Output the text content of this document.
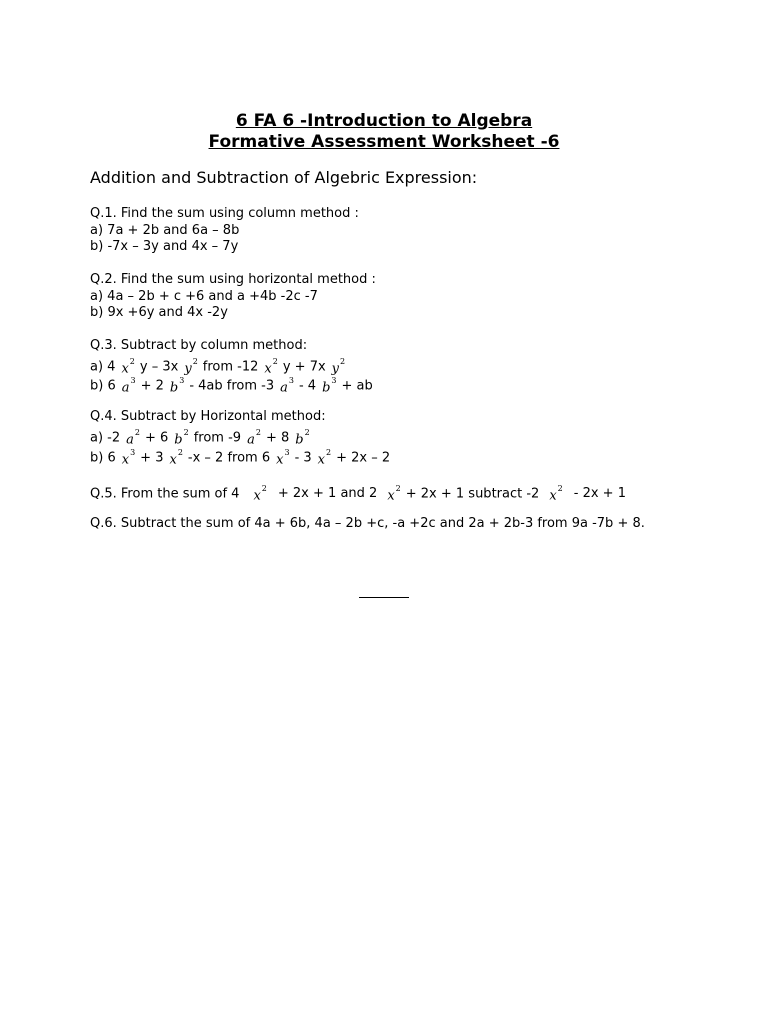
6 FA 6 -Introduction to Algebra
Formative Assessment Worksheet -6
Addition and Subtraction of Algebric Expression:
Q.1. Find the sum using column method :
a) 7a + 2b and 6a – 8b
b) -7x – 3y and 4x – 7y
Q.2. Find the sum using horizontal method :
a) 4a – 2b + c +6 and a +4b -2c -7
b) 9x +6y and 4x -2y
Q.3. Subtract by column method:
a) 4 $x^2$ y – 3x $y^2$ from -12 $x^2$ y + 7x $y^2$
b) 6 $a^3 + 2$ $b^3 - 4ab$ from -3 $a^3 - 4$ $b^3$ + ab
Q.4. Subtract by Horizontal method:
a) -2 $a^2 + 6$ $b^2$ from -9 $a^2 + 8$ $b^2$
b) 6 $x^3 + 3$ $x^2$ -x – 2 from 6 $x^3 - 3$ $x^2 + 2x - 2$
Q.5. From the sum of 4 $x^2 + 2x + 1$ and 2 $x^2 + 2x + 1$ subtract -2 $x^2 - 2x + 1$
Q.6. Subtract the sum of 4a + 6b, 4a – 2b +c, -a +2c and 2a + 2b-3 from 9a -7b + 8.
